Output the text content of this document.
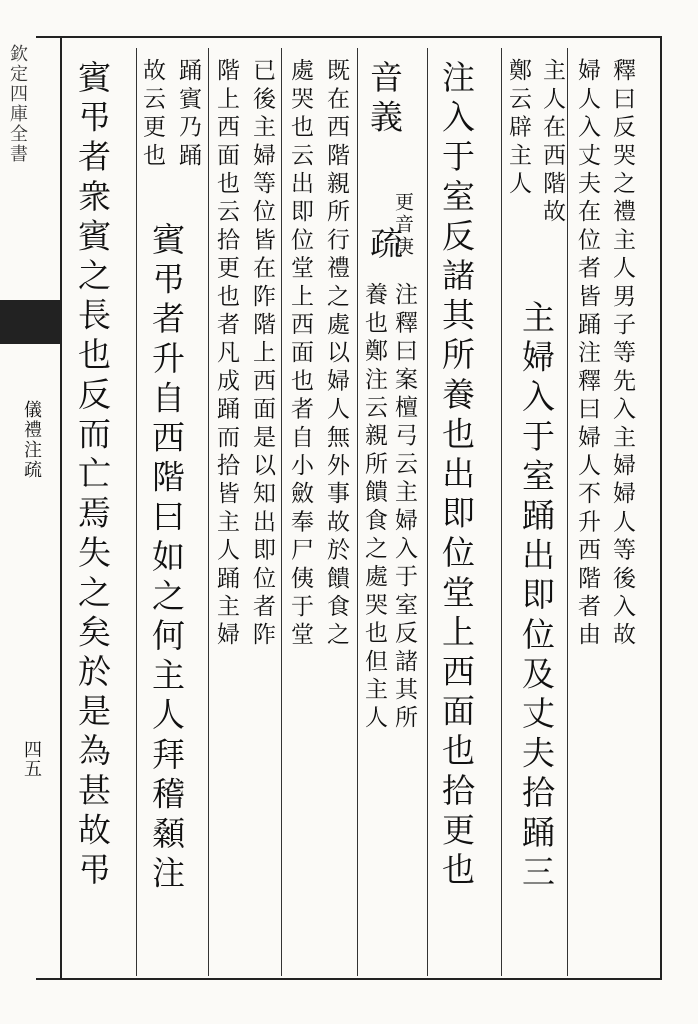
欽定四庫全書
儀禮注疏
四五
釋曰反哭之禮主人男子等先入主婦婦人等後入故
婦人入丈夫在位者皆踊注釋曰婦人不升西階者由
主人在西階故
主婦入于室踊出即位及丈夫拾踊三
鄭云辟主人
注入于室反諸其所養也出即位堂上西面也拾更也
音義
更音庚
疏
注釋曰案檀弓云主婦入于室反諸其所
養也鄭注云親所饋食之處哭也但主人
既在西階親所行禮之處以婦人無外事故於饋食之
處哭也云出即位堂上西面也者自小斂奉尸侇于堂
已後主婦等位皆在阼階上西面是以知出即位者阼
階上西面也云拾更也者凡成踊而拾皆主人踊主婦
踊賓乃踊
賓弔者升自西階曰如之何主人拜稽顙注
故云更也
賓弔者衆賓之長也反而亡焉失之矣於是為甚故弔
